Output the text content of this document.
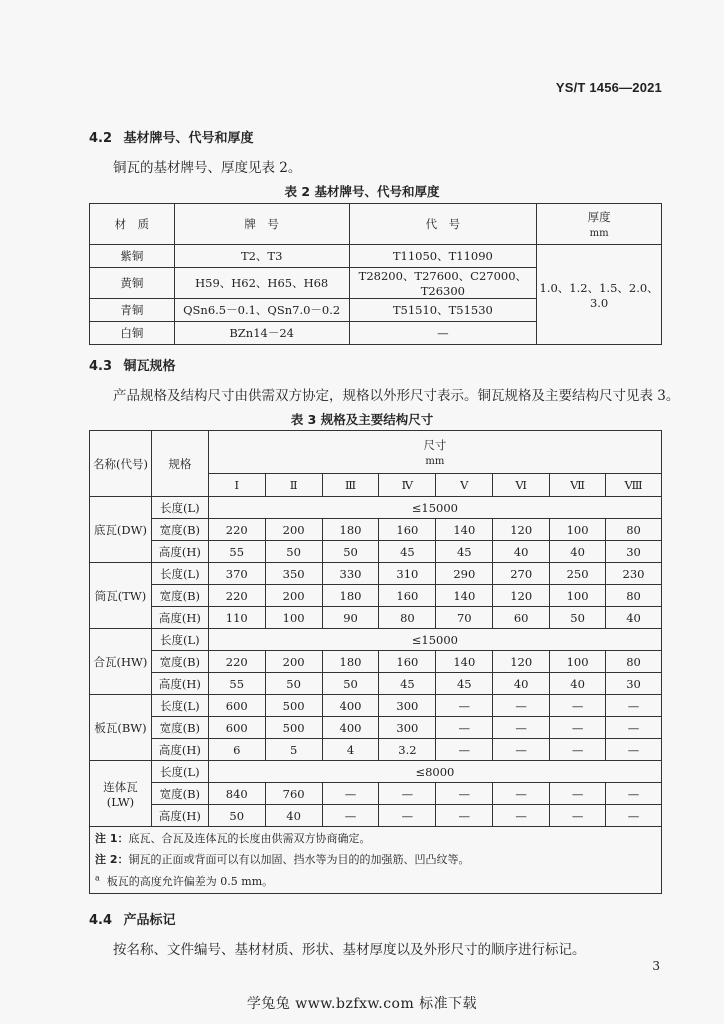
YS/T 1456—2021
4.2 基材牌号、代号和厚度
铜瓦的基材牌号、厚度见表 2。
表 2 基材牌号、代号和厚度
材　质	牌　号	代　号	厚度
mm

紫铜	T2、T3	T11050、T11090	1.0、1.2、1.5、2.0、3.0
黄铜	H59、H62、H65、H68	T28200、T27600、C27000、T26300	
青铜	QSn6.5－0.1、QSn7.0－0.2	T51510、T51530	
白铜	BZn14－24	—	
4.3 铜瓦规格
产品规格及结构尺寸由供需双方协定，规格以外形尺寸表示。铜瓦规格及主要结构尺寸见表 3。
表 3 规格及主要结构尺寸
名称(代号)	规格	尺寸
mm							

		Ⅰ	Ⅱ	Ⅲ	Ⅳ	Ⅴ	Ⅵ	Ⅶ	Ⅷ
底瓦(DW)	长度(L)	≤15000							
	宽度(B)	220	200	180	160	140	120	100	80
	高度(H)	55	50	50	45	45	40	40	30
筒瓦(TW)	长度(L)	370	350	330	310	290	270	250	230
	宽度(B)	220	200	180	160	140	120	100	80
	高度(H)	110	100	90	80	70	60	50	40
合瓦(HW)	长度(L)	≤15000							
	宽度(B)	220	200	180	160	140	120	100	80
	高度(H)	55	50	50	45	45	40	40	30
板瓦(BW)	长度(L)	600	500	400	300	—	—	—	—
	宽度(B)	600	500	400	300	—	—	—	—
	高度(H)	6	5	4	3.2	—	—	—	—
连体瓦(LW)	长度(L)	≤8000							
	宽度(B)	840	760	—	—	—	—	—	—
	高度(H)	50	40	—	—	—	—	—	—
注 1：底瓦、合瓦及连体瓦的长度由供需双方协商确定。									
注 2：铜瓦的正面或背面可以有以加固、挡水等为目的的加强筋、凹凸纹等。									
$^a$ 板瓦的高度允许偏差为 0.5 mm。									
4.4 产品标记
按名称、文件编号、基材材质、形状、基材厚度以及外形尺寸的顺序进行标记。
3
学兔兔 www.bzfxw.com 标准下载
